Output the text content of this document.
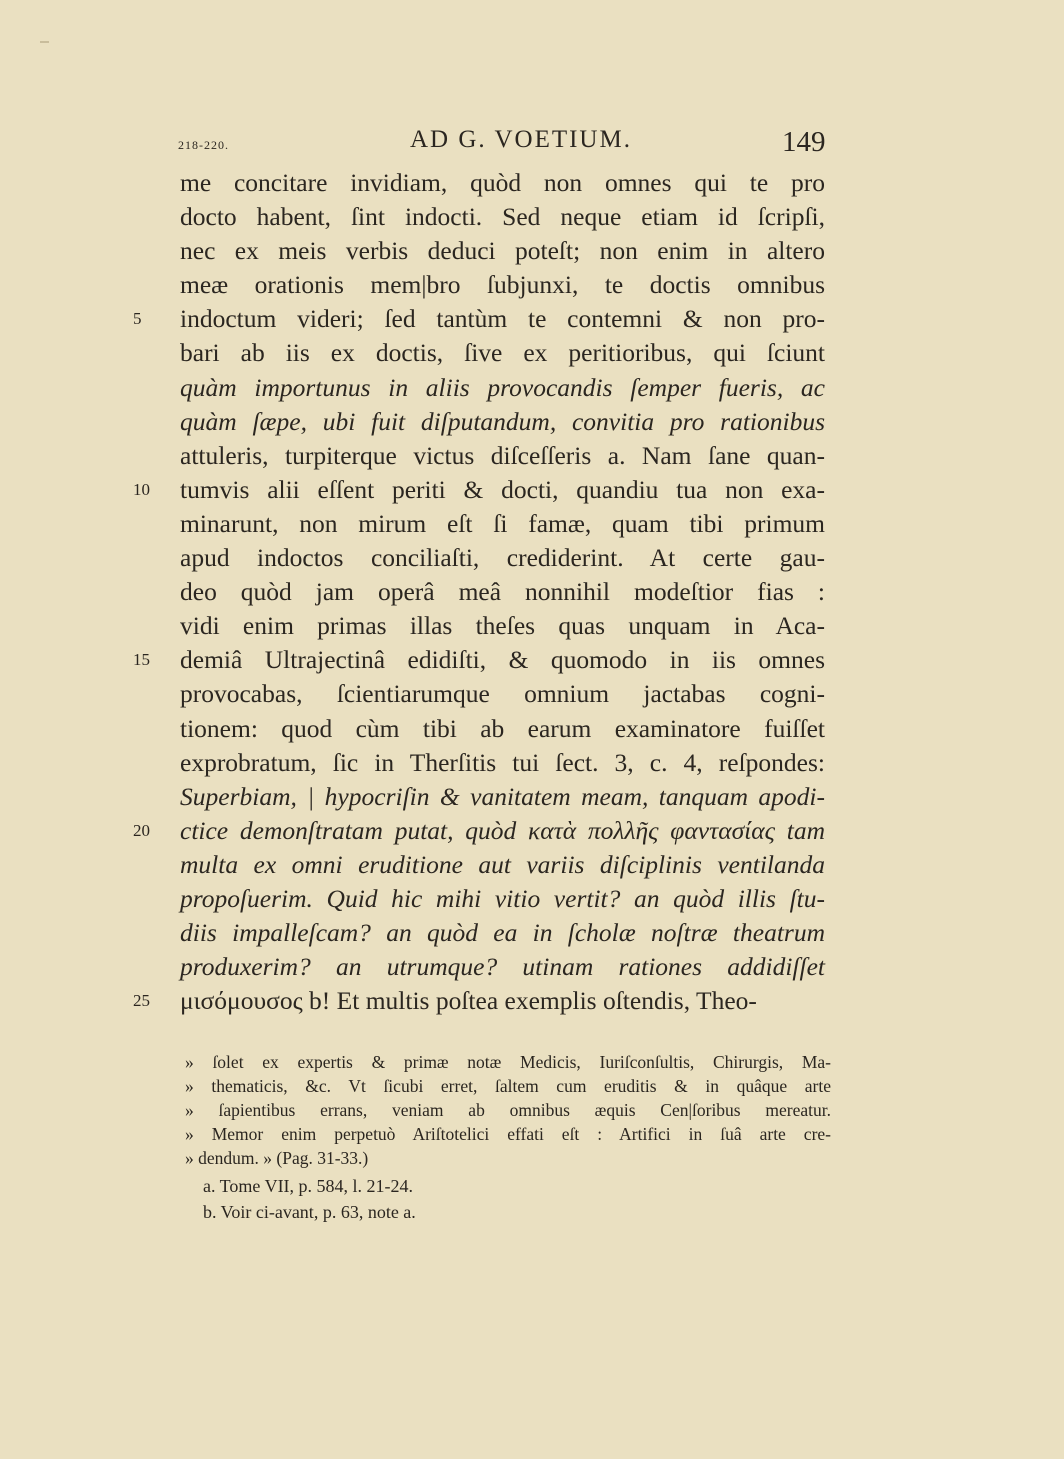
218-220.	AD G. VOETIUM.	149
me concitare invidiam, quòd non omnes qui te pro
docto habent, ſint indocti. Sed neque etiam id ſcripſi,
nec ex meis verbis deduci poteſt; non enim in altero
meæ orationis mem|bro ſubjunxi, te doctis omnibus
5	indoctum videri; ſed tantùm te contemni & non pro-
bari ab iis ex doctis, ſive ex peritioribus, qui ſciunt
quàm importunus in aliis provocandis ſemper fueris, ac
quàm ſæpe, ubi fuit diſputandum, convitia pro rationibus
attuleris, turpiterque victus diſceſſeris a. Nam ſane quan-
10	tumvis alii eſſent periti & docti, quandiu tua non exa-
minarunt, non mirum eſt ſi famæ, quam tibi primum
apud indoctos conciliaſti, crediderint. At certe gau-
deo quòd jam operâ meâ nonnihil modeſtior fias :
vidi enim primas illas theſes quas unquam in Aca-
15	demiâ Ultrajectinâ edidiſti, & quomodo in iis omnes
provocabas, ſcientiarumque omnium jactabas cogni-
tionem: quod cùm tibi ab earum examinatore fuiſſet
exprobratum, ſic in Therſitis tui ſect. 3, c. 4, reſpondes:
Superbiam, | hypocriſin & vanitatem meam, tanquam apodi-
20	ctice demonſtratam putat, quòd κατὰ πολλῆς φαντασίας tam
multa ex omni eruditione aut variis diſciplinis ventilanda
propoſuerim. Quid hic mihi vitio vertit? an quòd illis ſtu-
diis impalleſcam? an quòd ea in ſcholæ noſtræ theatrum
produxerim? an utrumque? utinam rationes addidiſſet
25	μισόμουσος b! Et multis poſtea exemplis oſtendis, Theo-
» ſolet ex expertis & primæ notæ Medicis, Iuriſconſultis, Chirurgis, Ma-
» thematicis, &c. Vt ſicubi erret, ſaltem cum eruditis & in quâque arte
» ſapientibus errans, veniam ab omnibus æquis Cen|ſoribus mereatur.
» Memor enim perpetuò Ariſtotelici effati eſt : Artifici in ſuâ arte cre-
» dendum. » (Pag. 31-33.)
a. Tome VII, p. 584, l. 21-24.
b. Voir ci-avant, p. 63, note a.
